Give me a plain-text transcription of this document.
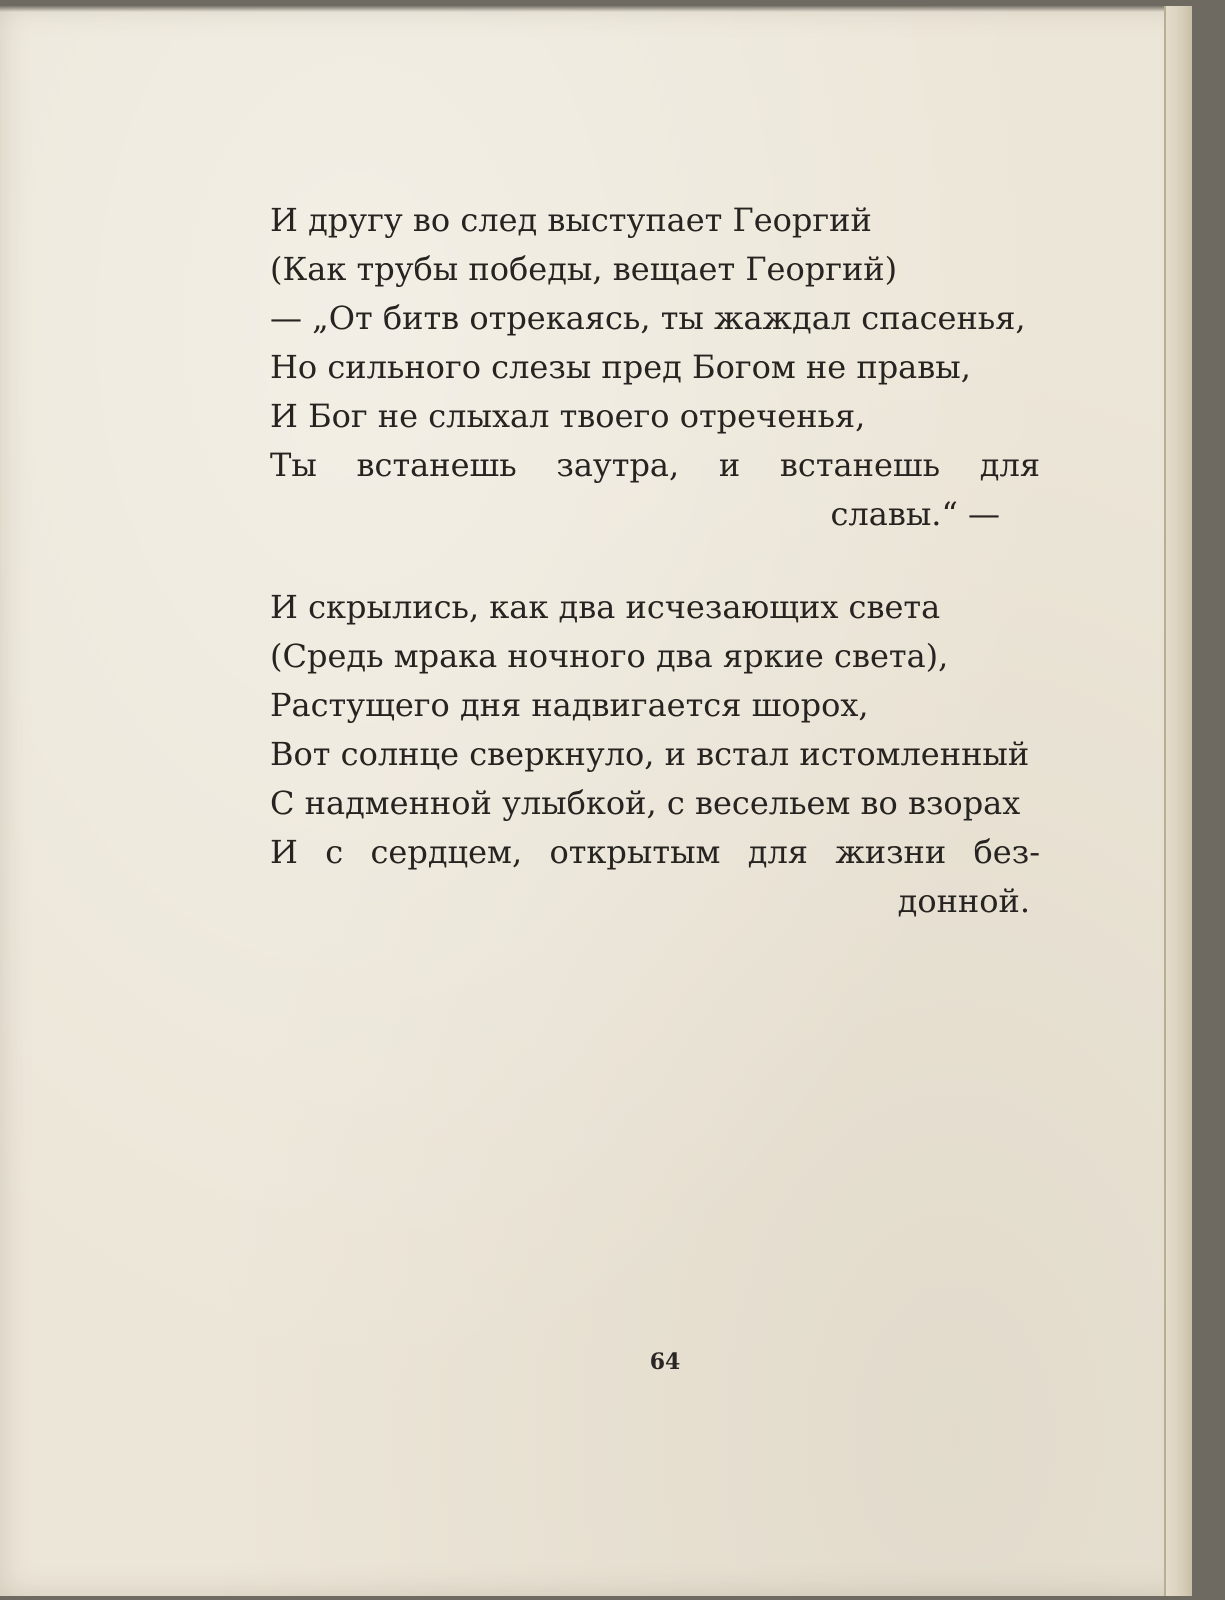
И другу во след выступает Георгий
(Как трубы победы, вещает Георгий)
— „От битв отрекаясь, ты жаждал спасенья,
Но сильного слезы пред Богом не правы,
И Бог не слыхал твоего отреченья,
Ты встанешь заутра, и встанешь для
славы.“ —
И скрылись, как два исчезающих света
(Средь мрака ночного два яркие света),
Растущего дня надвигается шорох,
Вот солнце сверкнуло, и встал истомленный
С надменной улыбкой, с весельем во взорах
И с сердцем, открытым для жизни без-
донной.
64
